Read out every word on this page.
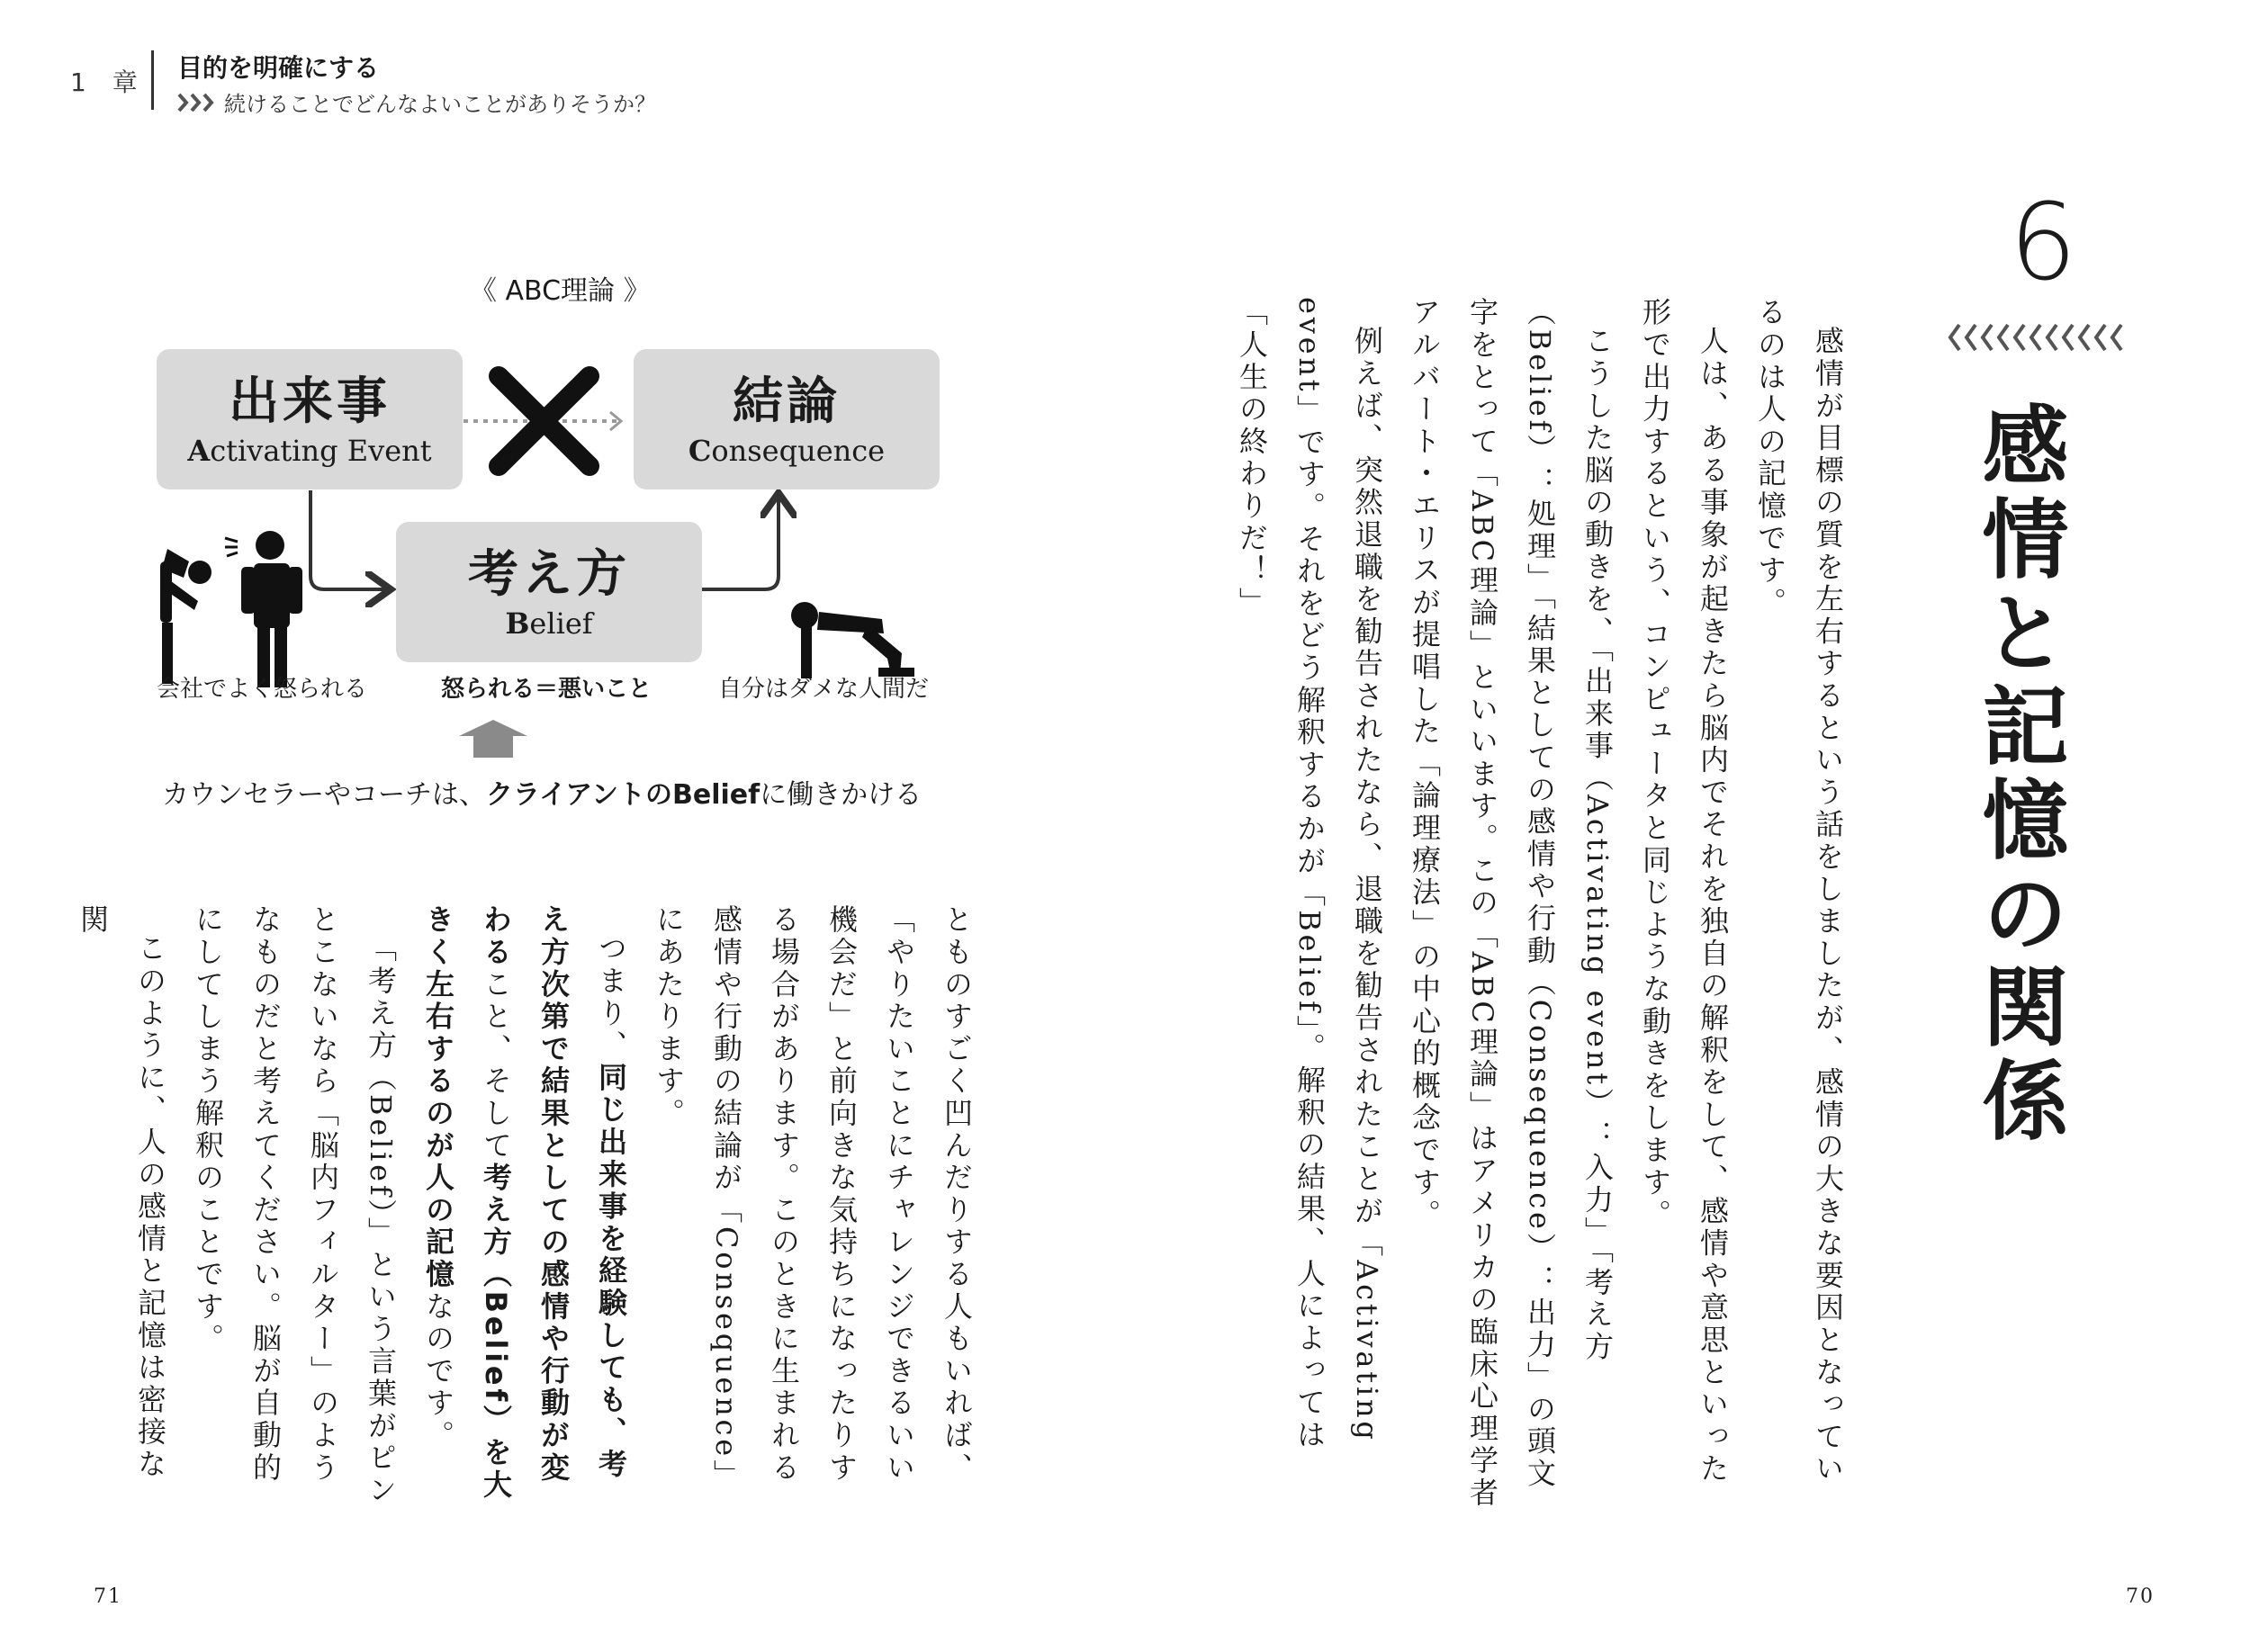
1 章 目的を明確にする
続けることでどんなよいことがありそうか？
《 ABC理論 》
出来事
Activating Event
結論
Consequence
考え方
Belief
会社でよく怒られる	怒られる＝悪いこと	自分はダメな人間だ
カウンセラーやコーチは、クライアントのBeliefに働きかける

とものすごく凹んだりする人もいれば、「やりたいことにチャレンジできるいい機会だ」と前向きな気持ちになったりする場合があります。このときに生まれる感情や行動の結論が「Consequence」にあたります。

つまり、同じ出来事を経験しても、考え方次第で結果としての感情や行動が変わること、そして考え方（Belief）を大きく左右するのが人の記憶なのです。

「考え方（Belief）」という言葉がピンとこないなら「脳内フィルター」のようなものだと考えてください。脳が自動的にしてしまう解釈のことです。

このように、人の感情と記憶は密接な関

6
感情と記憶の関係

感情が目標の質を左右するという話をしましたが、感情の大きな要因となっているのは人の記憶です。

人は、ある事象が起きたら脳内でそれを独自の解釈をして、感情や意思といった形で出力するという、コンピュータと同じような動きをします。

こうした脳の動きを、「出来事（Activating event）：入力」「考え方（Belief）：処理」「結果としての感情や行動（Consequence）：出力」の頭文字をとって「ABC理論」といいます。この「ABC理論」はアメリカの臨床心理学者アルバート・エリスが提唱した「論理療法」の中心的概念です。

例えば、突然退職を勧告されたなら、退職を勧告されたことが「Activating event」です。それをどう解釈するかが「Belief」。解釈の結果、人によっては「人生の終わりだ！」

71	70
